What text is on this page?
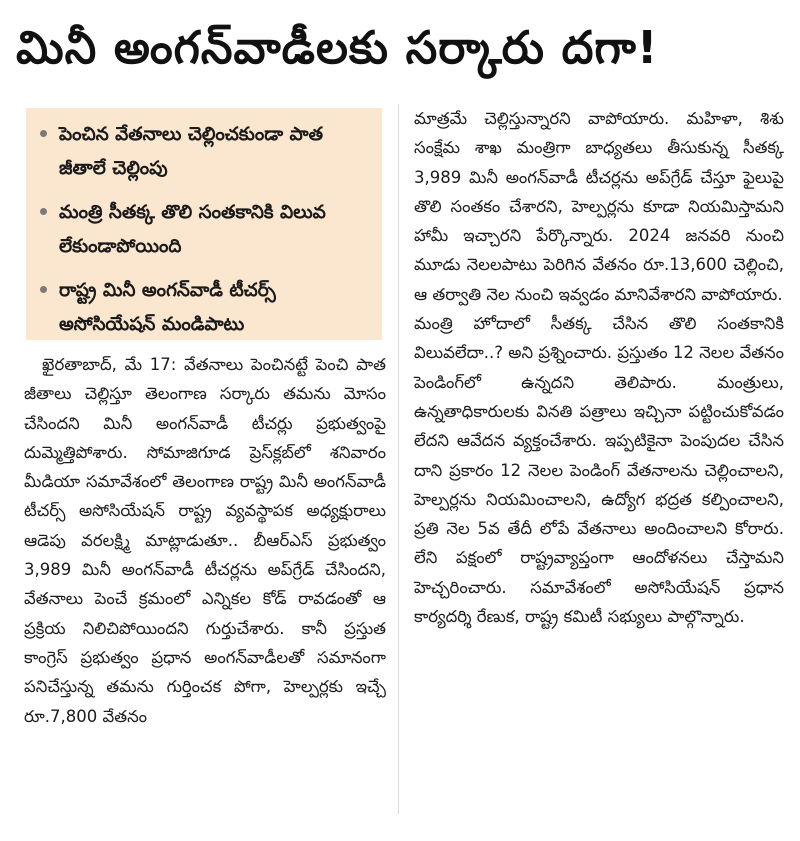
మినీ అంగన్‌వాడీలకు సర్కారు దగా!
పెంచిన వేతనాలు చెల్లించకుండా పాత జీతాలే చెల్లింపు
మంత్రి సీతక్క తొలి సంతకానికి విలువ లేకుండాపోయింది
రాష్ట్ర మినీ అంగన్‌వాడీ టీచర్స్ అసోసియేషన్ మండిపాటు

ఖైరతాబాద్‌, మే 17: వేతనాలు పెంచినట్టే పెంచి పాత జీతాలు చెల్లిస్తూ తెలంగాణ సర్కారు తమను మోసం చేసిందని మినీ అంగన్‌వాడీ టీచర్లు ప్రభుత్వంపై దుమ్మెత్తిపోశారు. సోమాజిగూడ ప్రెస్‌క్లబ్‌లో శనివారం మీడియా సమావేశంలో తెలంగాణ రాష్ట్ర మినీ అంగన్‌వాడీ టీచర్స్‌ అసోసియేషన్‌ రాష్ట్ర వ్యవస్థాపక అధ్యక్షురాలు ఆడెపు వరలక్ష్మి మాట్లాడుతూ.. బీఆర్‌ఎస్‌ ప్రభుత్వం 3,989 మినీ అంగన్‌వాడీ టీచర్లను అప్‌గ్రేడ్‌ చేసిందని, వేతనాలు పెంచే క్రమంలో ఎన్నికల కోడ్‌ రావడంతో ఆ ప్రక్రియ నిలిచిపోయిందని గుర్తుచేశారు. కానీ ప్రస్తుత కాంగ్రెస్‌ ప్రభుత్వం ప్రధాన అంగన్‌వాడీలతో సమానంగా పనిచేస్తున్న తమను గుర్తించక పోగా, హెల్పర్లకు ఇచ్చే రూ.7,800 వేతనం

మాత్రమే చెల్లిస్తున్నారని వాపోయారు. మహిళా, శిశు సంక్షేమ శాఖ మంత్రిగా బాధ్యతలు తీసుకున్న సీతక్క 3,989 మినీ అంగన్‌వాడీ టీచర్లను అప్‌గ్రేడ్‌ చేస్తూ ఫైలుపై తొలి సంతకం చేశారని, హెల్పర్లను కూడా నియమిస్తామని హామీ ఇచ్చారని పేర్కొన్నారు. 2024 జనవరి నుంచి మూడు నెలలపాటు పెరిగిన వేతనం రూ.13,600 చెల్లించి, ఆ తర్వాతి నెల నుంచి ఇవ్వడం మానివేశారని వాపోయారు.

మంత్రి హోదాలో సీతక్క చేసిన తొలి సంతకానికి విలువలేదా..? అని ప్రశ్నించారు. ప్రస్తుతం 12 నెలల వేతనం పెండింగ్‌లో ఉన్నదని తెలిపారు. మంత్రులు, ఉన్నతాధికారులకు వినతి పత్రాలు ఇచ్చినా పట్టించుకోవడం లేదని ఆవేదన వ్యక్తంచేశారు. ఇప్పటికైనా పెంపుదల చేసిన దాని ప్రకారం 12 నెలల పెండింగ్‌ వేతనాలను చెల్లించాలని, హెల్పర్లను నియమించాలని, ఉద్యోగ భద్రత కల్పించాలని, ప్రతి నెల 5వ తేదీ లోపే వేతనాలు అందించాలని కోరారు. లేని పక్షంలో రాష్ట్రవ్యాప్తంగా ఆందోళనలు చేస్తామని హెచ్చరించారు. సమావేశంలో అసోసియేషన్‌ ప్రధాన కార్యదర్శి రేణుక, రాష్ట్ర కమిటీ సభ్యులు పాల్గొన్నారు.
